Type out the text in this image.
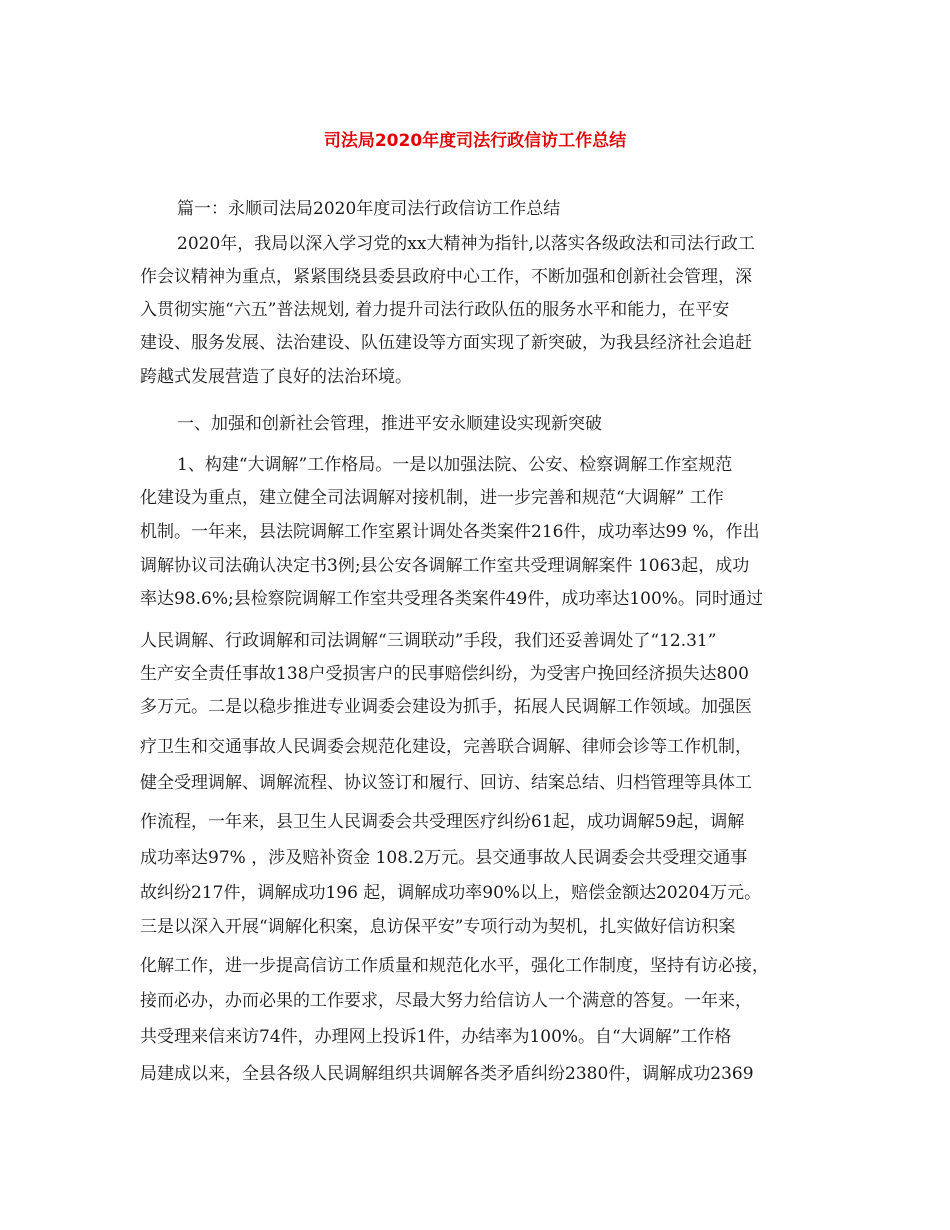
司法局2020年度司法行政信访工作总结
篇一：永顺司法局2020年度司法行政信访工作总结
2020年，我局以深入学习党的xx大精神为指针,以落实各级政法和司法行政工
作会议精神为重点，紧紧围绕县委县政府中心工作，不断加强和创新社会管理，深
入贯彻实施“六五”普法规划, 着力提升司法行政队伍的服务水平和能力，在平安
建设、服务发展、法治建设、队伍建设等方面实现了新突破，为我县经济社会追赶
跨越式发展营造了良好的法治环境。
一、加强和创新社会管理，推进平安永顺建设实现新突破
1、构建“大调解”工作格局。一是以加强法院、公安、检察调解工作室规范
化建设为重点，建立健全司法调解对接机制，进一步完善和规范“大调解” 工作
机制。一年来，县法院调解工作室累计调处各类案件216件，成功率达99 %，作出
调解协议司法确认决定书3例;县公安各调解工作室共受理调解案件 1063起，成功
率达98.6%;县检察院调解工作室共受理各类案件49件，成功率达100%。同时通过
人民调解、行政调解和司法调解“三调联动”手段，我们还妥善调处了“12.31”
生产安全责任事故138户受损害户的民事赔偿纠纷，为受害户挽回经济损失达800
多万元。二是以稳步推进专业调委会建设为抓手，拓展人民调解工作领域。加强医
疗卫生和交通事故人民调委会规范化建设，完善联合调解、律师会诊等工作机制，
健全受理调解、调解流程、协议签订和履行、回访、结案总结、归档管理等具体工
作流程，一年来，县卫生人民调委会共受理医疗纠纷61起，成功调解59起，调解
成功率达97% ，涉及赔补资金 108.2万元。县交通事故人民调委会共受理交通事
故纠纷217件，调解成功196 起，调解成功率90%以上，赔偿金额达20204万元。
三是以深入开展“调解化积案，息访保平安”专项行动为契机，扎实做好信访积案
化解工作，进一步提高信访工作质量和规范化水平，强化工作制度，坚持有访必接，
接而必办，办而必果的工作要求，尽最大努力给信访人一个满意的答复。一年来，
共受理来信来访74件，办理网上投诉1件，办结率为100%。自“大调解”工作格
局建成以来，全县各级人民调解组织共调解各类矛盾纠纷2380件，调解成功2369
